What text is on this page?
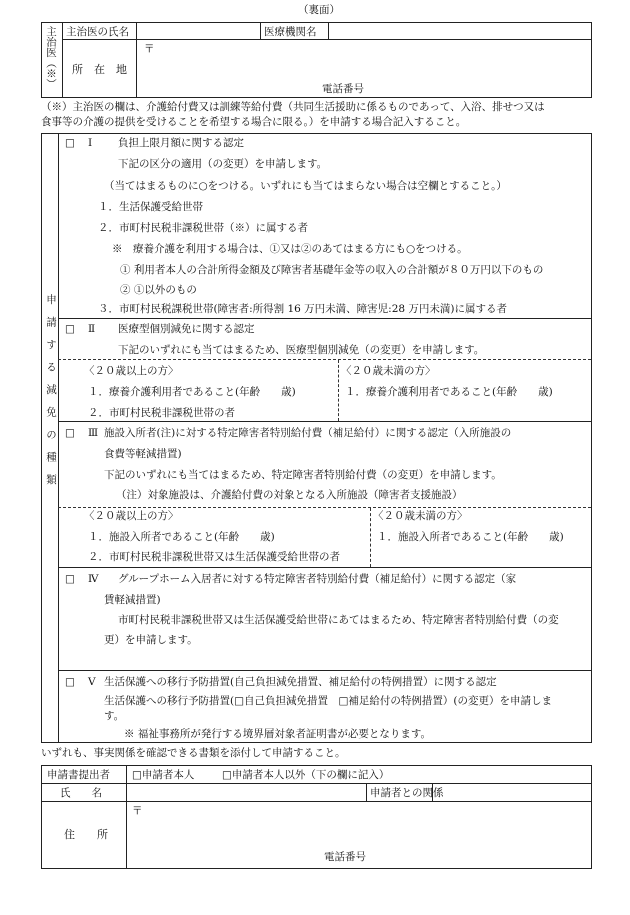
（裏面）
主治医（※） 主治医の氏名	医療機関名
所　在　地
〒
電話番号
（※）主治医の欄は、介護給付費又は訓練等給付費（共同生活援助に係るものであって、入浴、排せつ又は
食事等の介護の提供を受けることを希望する場合に限る。）を申請する場合記入すること。
申請する減免の種類
□ Ⅰ 負担上限月額に関する認定
下記の区分の適用（の変更）を申請します。
（当てはまるものに○をつける。いずれにも当てはまらない場合は空欄とすること。）
１．生活保護受給世帯
２．市町村民税非課税世帯（※）に属する者
※　療養介護を利用する場合は、①又は②のあてはまる方にも○をつける。
① 利用者本人の合計所得金額及び障害者基礎年金等の収入の合計額が８０万円以下のもの
② ①以外のもの
３．市町村民税課税世帯(障害者:所得割 16 万円未満、障害児:28 万円未満)に属する者
□ Ⅱ 医療型個別減免に関する認定
下記のいずれにも当てはまるため、医療型個別減免（の変更）を申請します。
〈２０歳以上の方〉
１．療養介護利用者であること(年齢　　歳)
２．市町村民税非課税世帯の者
〈２０歳未満の方〉
１．療養介護利用者であること(年齢　　歳)
□ Ⅲ 施設入所者(注)に対する特定障害者特別給付費（補足給付）に関する認定（入所施設の
食費等軽減措置)
下記のいずれにも当てはまるため、特定障害者特別給付費（の変更）を申請します。
（注）対象施設は、介護給付費の対象となる入所施設（障害者支援施設）
〈２０歳以上の方〉
１．施設入所者であること(年齢　　歳)
２．市町村民税非課税世帯又は生活保護受給世帯の者
〈２０歳未満の方〉
１．施設入所者であること(年齢　　歳)
□ Ⅳ グループホーム入居者に対する特定障害者特別給付費（補足給付）に関する認定（家
賃軽減措置)
市町村民税非課税世帯又は生活保護受給世帯にあてはまるため、特定障害者特別給付費（の変
更）を申請します。
□ Ⅴ 生活保護への移行予防措置(自己負担減免措置、補足給付の特例措置）に関する認定
生活保護への移行予防措置(□自己負担減免措置　□補足給付の特例措置）(の変更）を申請しま
す。
※ 福祉事務所が発行する境界層対象者証明書が必要となります。
いずれも、事実関係を確認できる書類を添付して申請すること。
申請書提出者 □申請者本人	□申請者本人以外（下の欄に記入）
氏　　名	申請者との関係
住　　所
〒
電話番号
